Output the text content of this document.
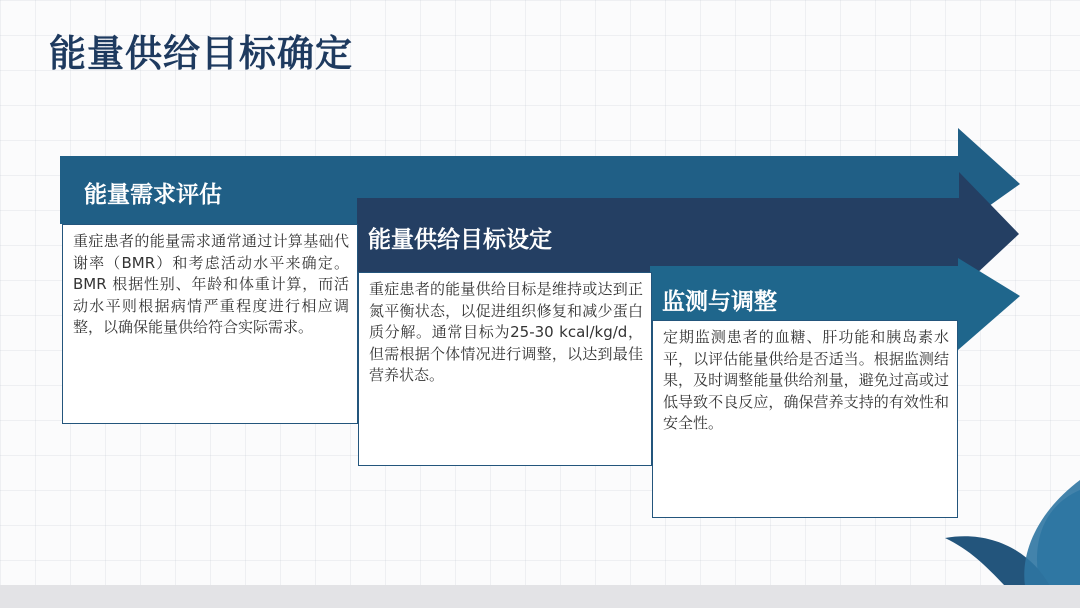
能量供给目标确定
能量需求评估
能量供给目标设定
监测与调整
重症患者的能量需求通常通过计算基础代谢率（BMR）和考虑活动水平来确定。BMR 根据性别、年龄和体重计算，而活动水平则根据病情严重程度进行相应调整，以确保能量供给符合实际需求。
重症患者的能量供给目标是维持或达到正氮平衡状态，以促进组织修复和减少蛋白质分解。通常目标为25-30 kcal/kg/d，但需根据个体情况进行调整，以达到最佳营养状态。
定期监测患者的血糖、肝功能和胰岛素水平，以评估能量供给是否适当。根据监测结果，及时调整能量供给剂量，避免过高或过低导致不良反应，确保营养支持的有效性和安全性。
